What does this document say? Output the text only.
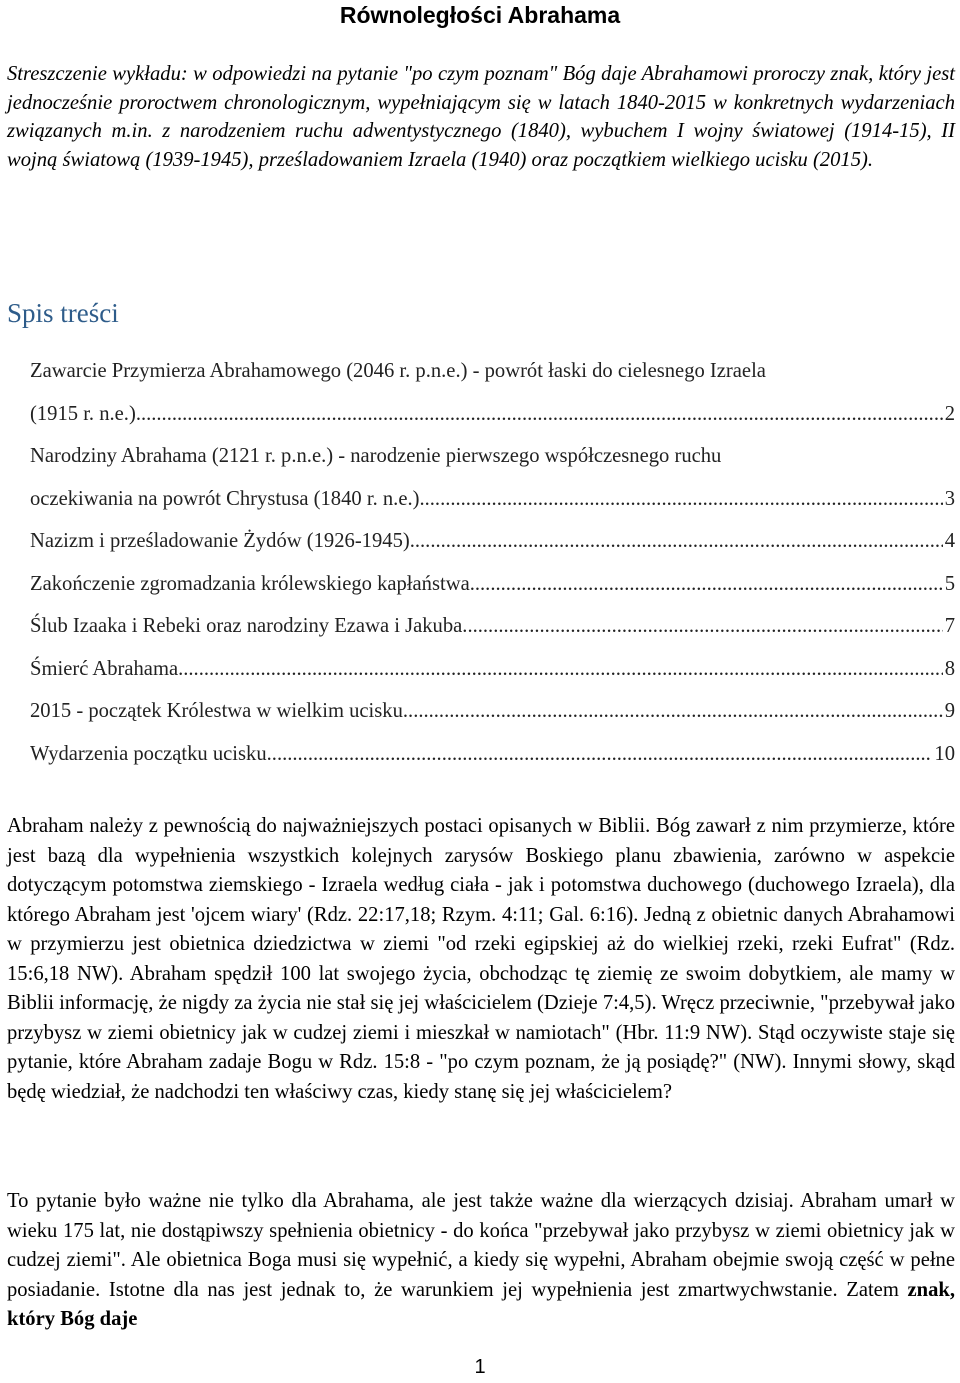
Równoległości Abrahama

Streszczenie wykładu: w odpowiedzi na pytanie "po czym poznam" Bóg daje Abrahamowi proroczy znak, który jest jednocześnie proroctwem chronologicznym, wypełniającym się w latach 1840-2015 w konkretnych wydarzeniach związanych m.in. z narodzeniem ruchu adwentystycznego (1840), wybuchem I wojny światowej (1914-15), II wojną światową (1939-1945), prześladowaniem Izraela (1940) oraz początkiem wielkiego ucisku (2015).

Spis treści
Zawarcie Przymierza Abrahamowego (2046 r. p.n.e.) - powrót łaski do cielesnego Izraela
(1915 r. n.e.) .....	2
Narodziny Abrahama (2121 r. p.n.e.) - narodzenie pierwszego współczesnego ruchu
oczekiwania na powrót Chrystusa (1840 r. n.e.) .....	3
Nazizm i prześladowanie Żydów (1926-1945) .....	4
Zakończenie zgromadzania królewskiego kapłaństwa .....	5
Ślub Izaaka i Rebeki oraz narodziny Ezawa i Jakuba .....	7
Śmierć Abrahama .....	8
2015 - początek Królestwa w wielkim ucisku .....	9
Wydarzenia początku ucisku .....	10

Abraham należy z pewnością do najważniejszych postaci opisanych w Biblii. Bóg zawarł z nim przymierze, które jest bazą dla wypełnienia wszystkich kolejnych zarysów Boskiego planu zbawienia, zarówno w aspekcie dotyczącym potomstwa ziemskiego - Izraela według ciała - jak i potomstwa duchowego (duchowego Izraela), dla którego Abraham jest 'ojcem wiary' (Rdz. 22:17,18; Rzym. 4:11; Gal. 6:16). Jedną z obietnic danych Abrahamowi w przymierzu jest obietnica dziedzictwa w ziemi "od rzeki egipskiej aż do wielkiej rzeki, rzeki Eufrat" (Rdz. 15:6,18 NW). Abraham spędził 100 lat swojego życia, obchodząc tę ziemię ze swoim dobytkiem, ale mamy w Biblii informację, że nigdy za życia nie stał się jej właścicielem (Dzieje 7:4,5). Wręcz przeciwnie, "przebywał jako przybysz w ziemi obietnicy jak w cudzej ziemi i mieszkał w namiotach" (Hbr. 11:9 NW). Stąd oczywiste staje się pytanie, które Abraham zadaje Bogu w Rdz. 15:8 - "po czym poznam, że ją posiądę?" (NW). Innymi słowy, skąd będę wiedział, że nadchodzi ten właściwy czas, kiedy stanę się jej właścicielem?

To pytanie było ważne nie tylko dla Abrahama, ale jest także ważne dla wierzących dzisiaj. Abraham umarł w wieku 175 lat, nie dostąpiwszy spełnienia obietnicy - do końca "przebywał jako przybysz w ziemi obietnicy jak w cudzej ziemi". Ale obietnica Boga musi się wypełnić, a kiedy się wypełni, Abraham obejmie swoją część w pełne posiadanie. Istotne dla nas jest jednak to, że warunkiem jej wypełnienia jest zmartwychwstanie. Zatem znak, który Bóg daje

1
